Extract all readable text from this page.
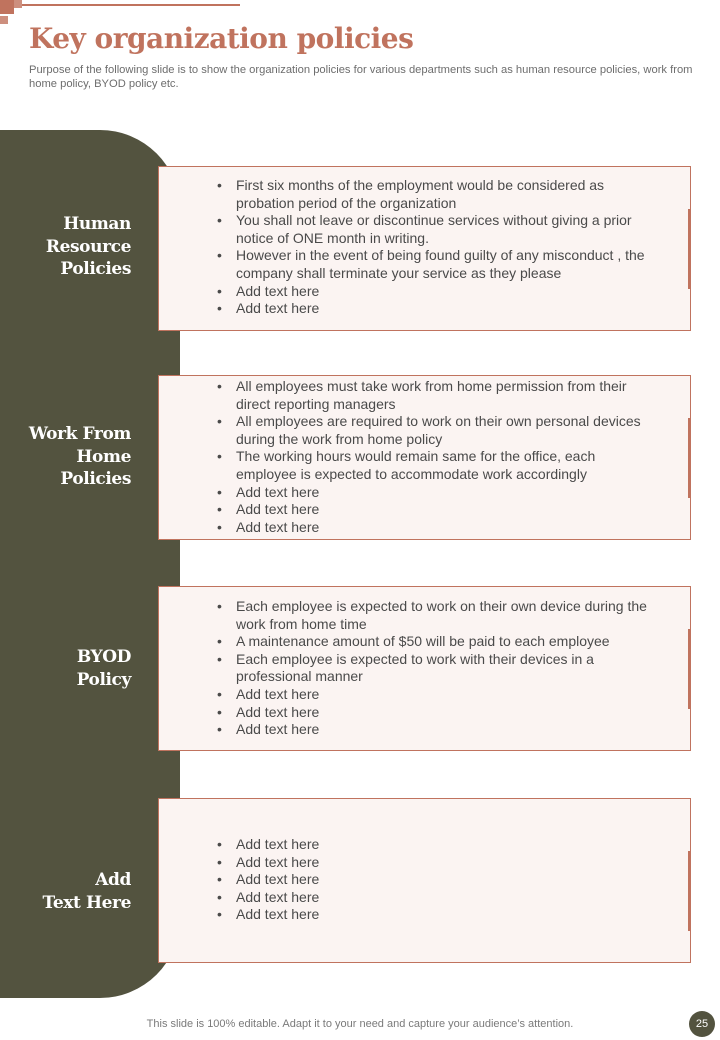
Key organization policies

Purpose of the following slide is to show the organization policies for various departments such as human resource policies, work from home policy, BYOD policy etc.

• First six months of the employment would be considered as probation period of the organization
• You shall not leave or discontinue services without giving a prior notice of ONE month in writing.
• However in the event of being found guilty of any misconduct , the company shall terminate your service as they please
• Add text here
• Add text here
• All employees must take work from home permission from their direct reporting managers
• All employees are required to work on their own personal devices during the work from home policy
• The working hours would remain same for the office, each employee is expected to accommodate work accordingly
• Add text here
• Add text here
• Add text here
• Each employee is expected to work on their own device during the work from home time
• A maintenance amount of $50 will be paid to each employee
• Each employee is expected to work with their devices in a professional manner
• Add text here
• Add text here
• Add text here
• Add text here
• Add text here
• Add text here
• Add text here
• Add text here
Human
Resource
Policies
Work From
Home
Policies
BYOD
Policy
Add
Text Here
This slide is 100% editable. Adapt it to your need and capture your audience’s attention.	25
